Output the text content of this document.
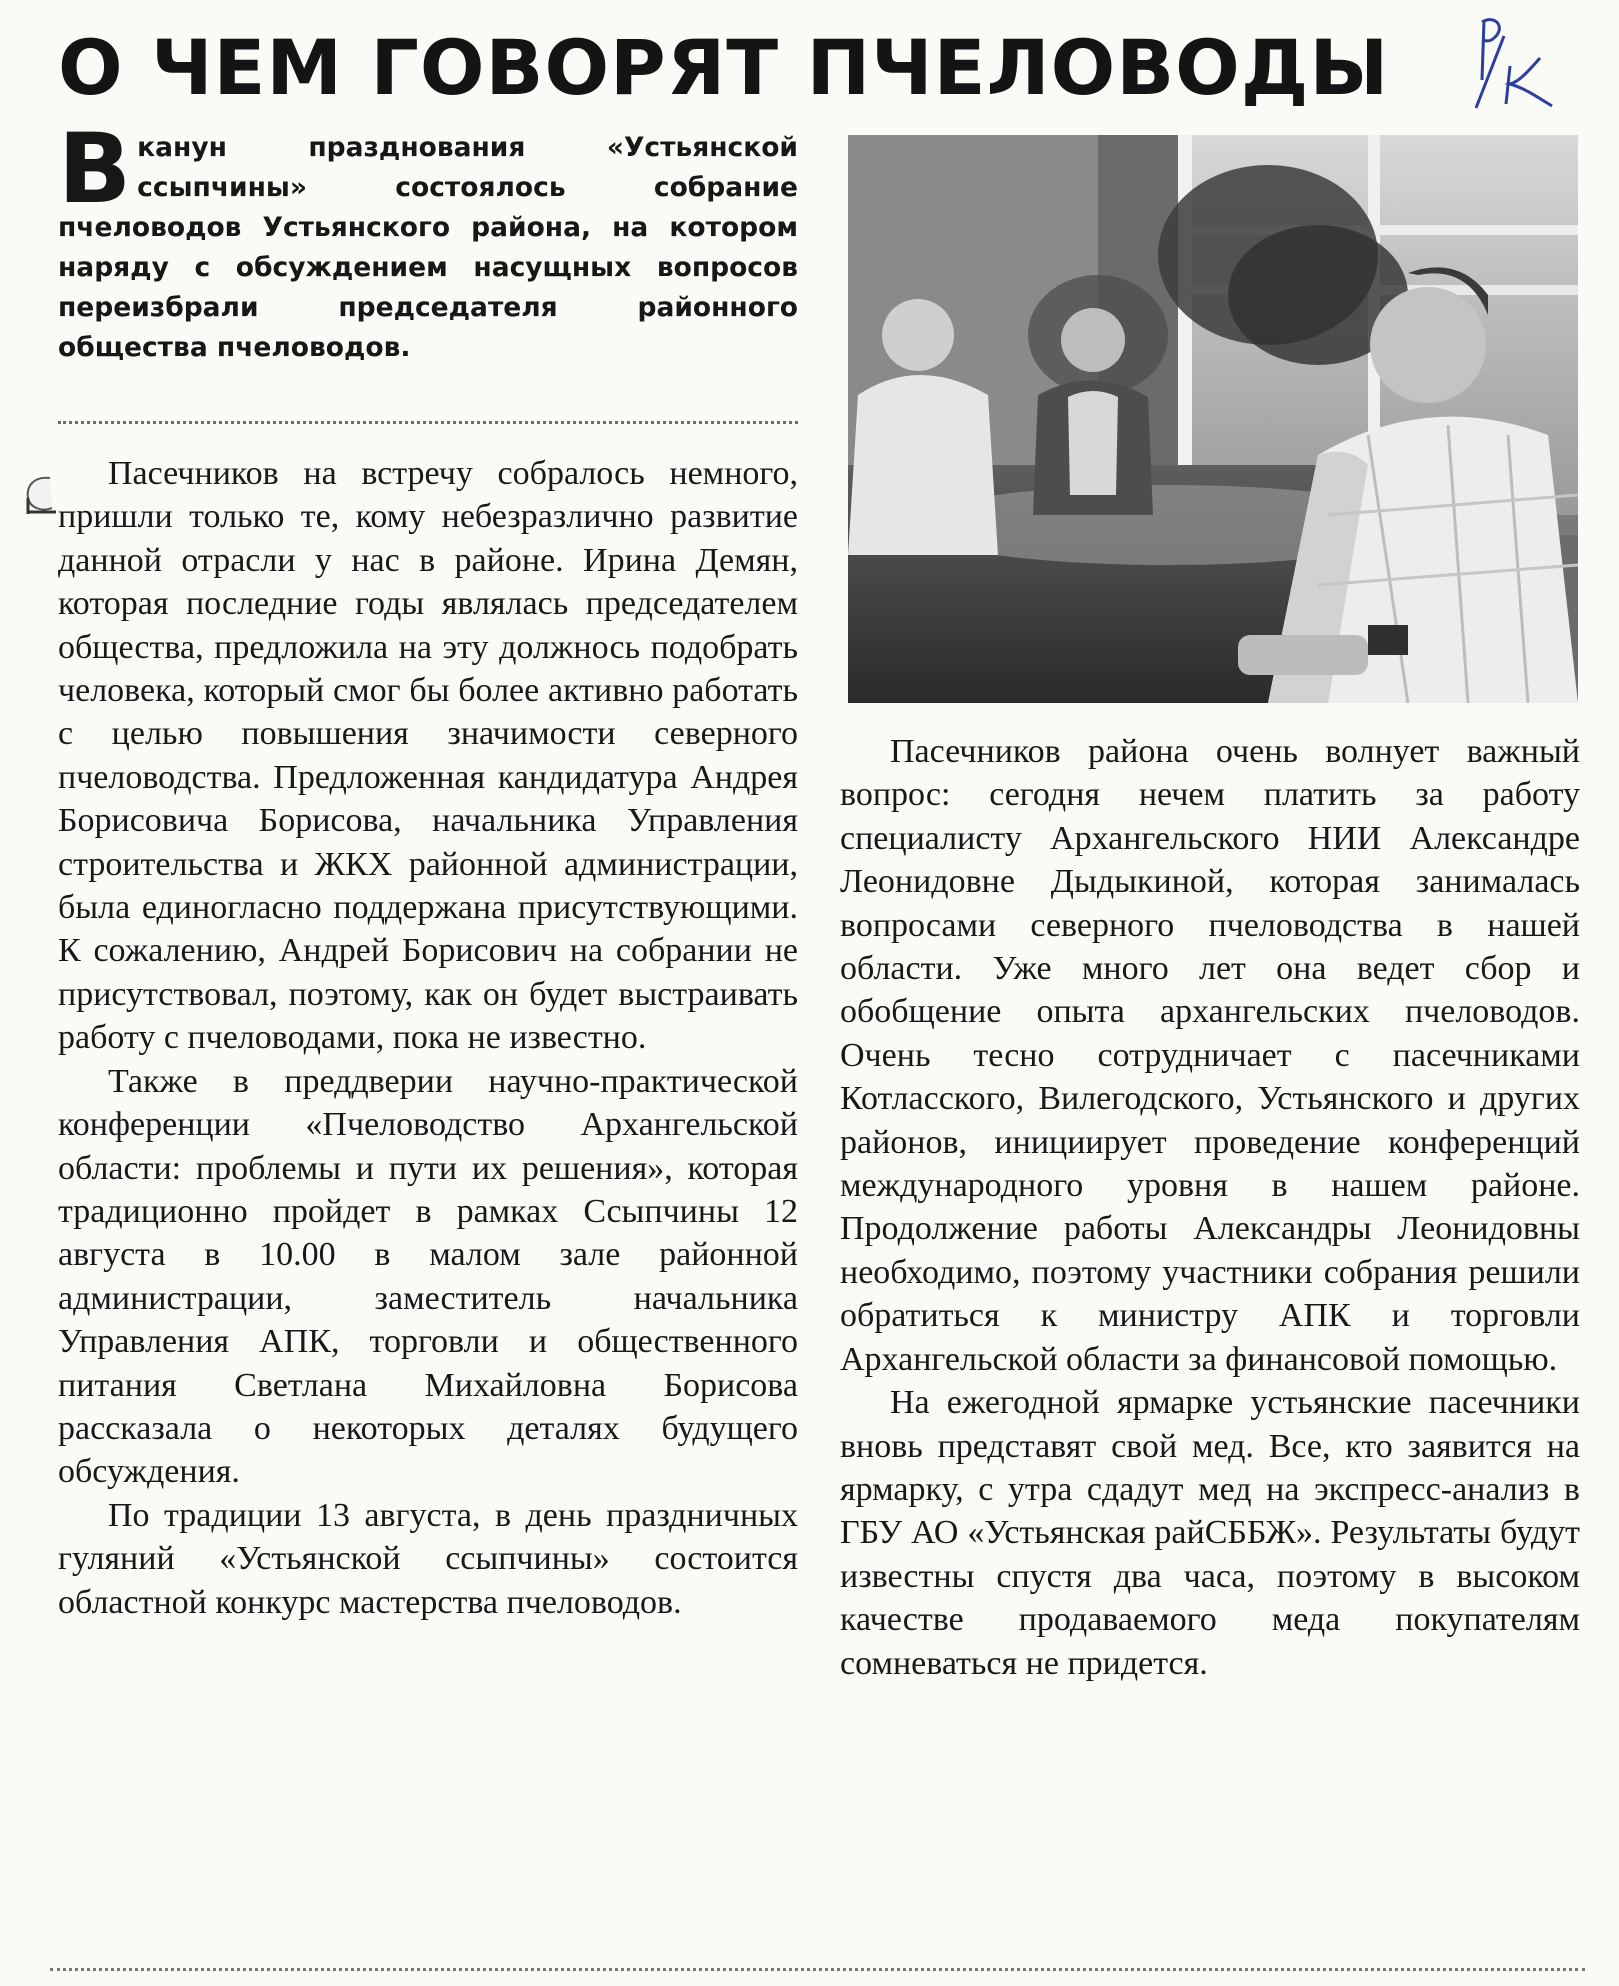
О ЧЕМ ГОВОРЯТ ПЧЕЛОВОДЫ
Вканун празднования «Устьянской ссыпчины» состоялось собрание пчеловодов Устьянского района, на котором наряду с обсуждением насущных вопросов переизбрали председателя районного общества пчеловодов.

Пасечников на встречу собралось немного, пришли только те, кому небезразлично развитие данной отрасли у нас в районе. Ирина Демян, которая последние годы являлась председателем общества, предложила на эту должнось подобрать человека, который смог бы более активно работать с целью повышения значимости северного пчеловодства. Предложенная кандидатура Андрея Борисовича Борисова, начальника Управления строительства и ЖКХ районной администрации, была единогласно поддержана присутствующими. К сожалению, Андрей Борисович на собрании не присутствовал, поэтому, как он будет выстраивать работу с пчеловодами, пока не известно.

Также в преддверии научно-практической конференции «Пчеловодство Архангельской области: проблемы и пути их решения», которая традиционно пройдет в рамках Ссыпчины 12 августа в 10.00 в малом зале районной администрации, заместитель начальника Управления АПК, торговли и общественного питания Светлана Михайловна Борисова рассказала о некоторых деталях будущего обсуждения.

По традиции 13 августа, в день праздничных гуляний «Устьянской ссыпчины» состоится областной конкурс мастерства пчеловодов.

Пасечников района очень волнует важный вопрос: сегодня нечем платить за работу специалисту Архангельского НИИ Александре Леонидовне Дыдыкиной, которая занималась вопросами северного пчеловодства в нашей области. Уже много лет она ведет сбор и обобщение опыта архангельских пчеловодов. Очень тесно сотрудничает с пасечниками Котласского, Вилегодского, Устьянского и других районов, инициирует проведение конференций международного уровня в нашем районе. Продолжение работы Александры Леонидовны необходимо, поэтому участники собрания решили обратиться к министру АПК и торговли Архангельской области за финансовой помощью.

На ежегодной ярмарке устьянские пасечники вновь представят свой мед. Все, кто заявится на ярмарку, с утра сдадут мед на экспресс-анализ в ГБУ АО «Устьянская райСББЖ». Результаты будут известны спустя два часа, поэтому в высоком качестве продаваемого меда покупателям сомневаться не придется.
